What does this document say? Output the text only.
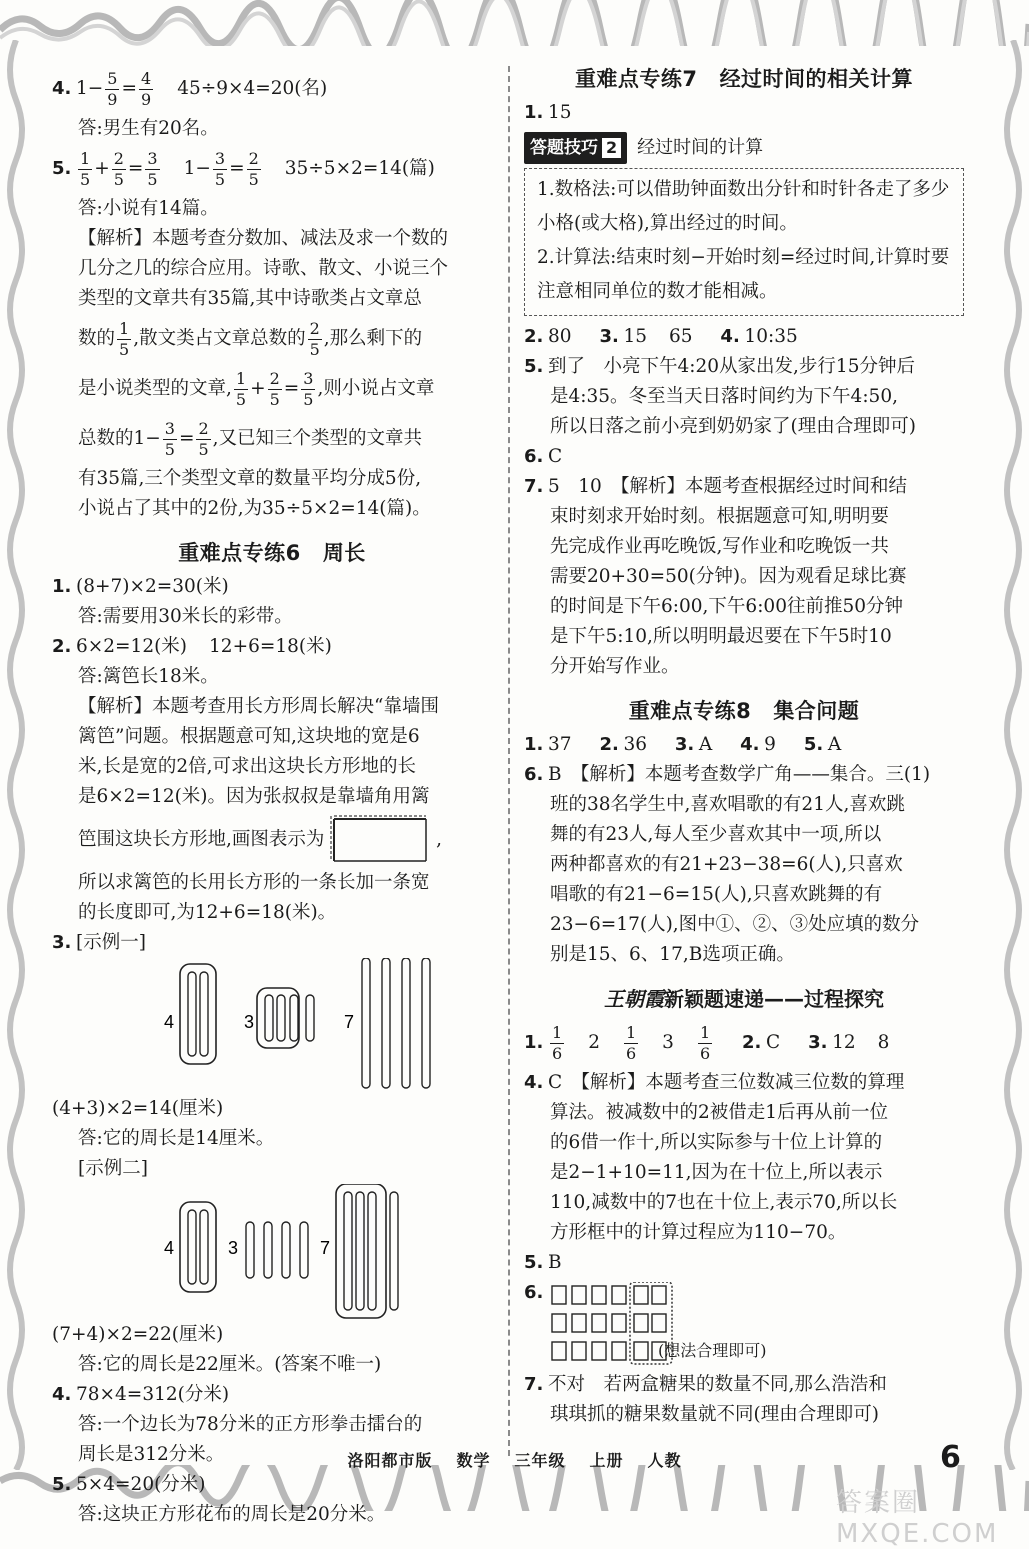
4. $1- \frac{5}{9} = \frac{4}{9} 45\div 9\times 4=20$(名)
答:男生有20名。
5. $\frac{1}{5} + \frac{2}{5} = \frac{3}{5} 1- \frac{3}{5} = \frac{2}{5} 35\div 5\times 2=14$(篇)
答:小说有14篇。
【解析】本题考查分数加、减法及求一个数的
几分之几的综合应用。诗歌、散文、小说三个
类型的文章共有35篇,其中诗歌类占文章总
数的 $\frac{1}{5}$ ,散文类占文章总数的 $\frac{2}{5}$ ,那么剩下的
是小说类型的文章, $\frac{1}{5} + \frac{2}{5} = \frac{3}{5}$ ,则小说占文章
总数的$1- \frac{3}{5} = \frac{2}{5}$ ,又已知三个类型的文章共
有35篇,三个类型文章的数量平均分成5份,
小说占了其中的2份,为35÷5×2=14(篇)。
重难点专练6 周长
1. (8+7)×2=30(米)
答:需要用30米长的彩带。
2. 6×2=12(米) 12+6=18(米)
答:篱笆长18米。
【解析】本题考查用长方形周长解决“靠墙围
篱笆”问题。根据题意可知,这块地的宽是6
米,长是宽的2倍,可求出这块长方形地的长
是6×2=12(米)。因为张叔叔是靠墙角用篱
笆围这块长方形地,画图表示为	,
所以求篱笆的长用长方形的一条长加一条宽
的长度即可,为12+6=18(米)。
3. [示例一]
4	3	7
(4+3)×2=14(厘米)
答:它的周长是14厘米。
[示例二]
4	3	7
(7+4)×2=22(厘米)
答:它的周长是22厘米。(答案不唯一)
4. 78×4=312(分米)
答:一个边长为78分米的正方形拳击擂台的
周长是312分米。
5. 5×4=20(分米)
答:这块正方形花布的周长是20分米。
重难点专练7 经过时间的相关计算
1. 15
答题技巧 2 经过时间的计算
1.数格法:可以借助钟面数出分针和时针各走了多少小格(或大格),算出经过的时间。
2.计算法:结束时刻−开始时刻=经过时间,计算时要注意相同单位的数才能相减。
2. 80 3. 15 65 4. 10:35
5. 到了　小亮下午4:20从家出发,步行15分钟后
是4:35。冬至当天日落时间约为下午4:50,
所以日落之前小亮到奶奶家了(理由合理即可)
6. C
7. 5　10　【解析】本题考查根据经过时间和结
束时刻求开始时刻。根据题意可知,明明要
先完成作业再吃晚饭,写作业和吃晚饭一共
需要20+30=50(分钟)。因为观看足球比赛
的时间是下午6:00,下午6:00往前推50分钟
是下午5:10,所以明明最迟要在下午5时10
分开始写作业。
重难点专练8 集合问题
1. 37 2. 36 3. A 4. 9 5. A
6. B　【解析】本题考查数学广角——集合。三(1)
班的38名学生中,喜欢唱歌的有21人,喜欢跳
舞的有23人,每人至少喜欢其中一项,所以
两种都喜欢的有21+23−38=6(人),只喜欢
唱歌的有21−6=15(人),只喜欢跳舞的有
23−6=17(人),图中①、②、③处应填的数分
别是15、6、17,B选项正确。
王朝霞新颖题速递——过程探究
1. $\frac{1}{6} 2 \frac{1}{6} 3 \frac{1}{6} 2$. C 3. 12 8
4. C　【解析】本题考查三位数减三位数的算理
算法。被减数中的2被借走1后再从前一位
的6借一作十,所以实际参与十位上计算的
是2−1+10=11,因为在十位上,所以表示
110,减数中的7也在十位上,表示70,所以长
方形框中的计算过程应为110−70。
5. B
6.
(想法合理即可)
7. 不对　若两盒糖果的数量不同,那么浩浩和
琪琪抓的糖果数量就不同(理由合理即可)
洛阳都市版 数学 三年级 上册 人教	6
答案圈 MXQE.COM
